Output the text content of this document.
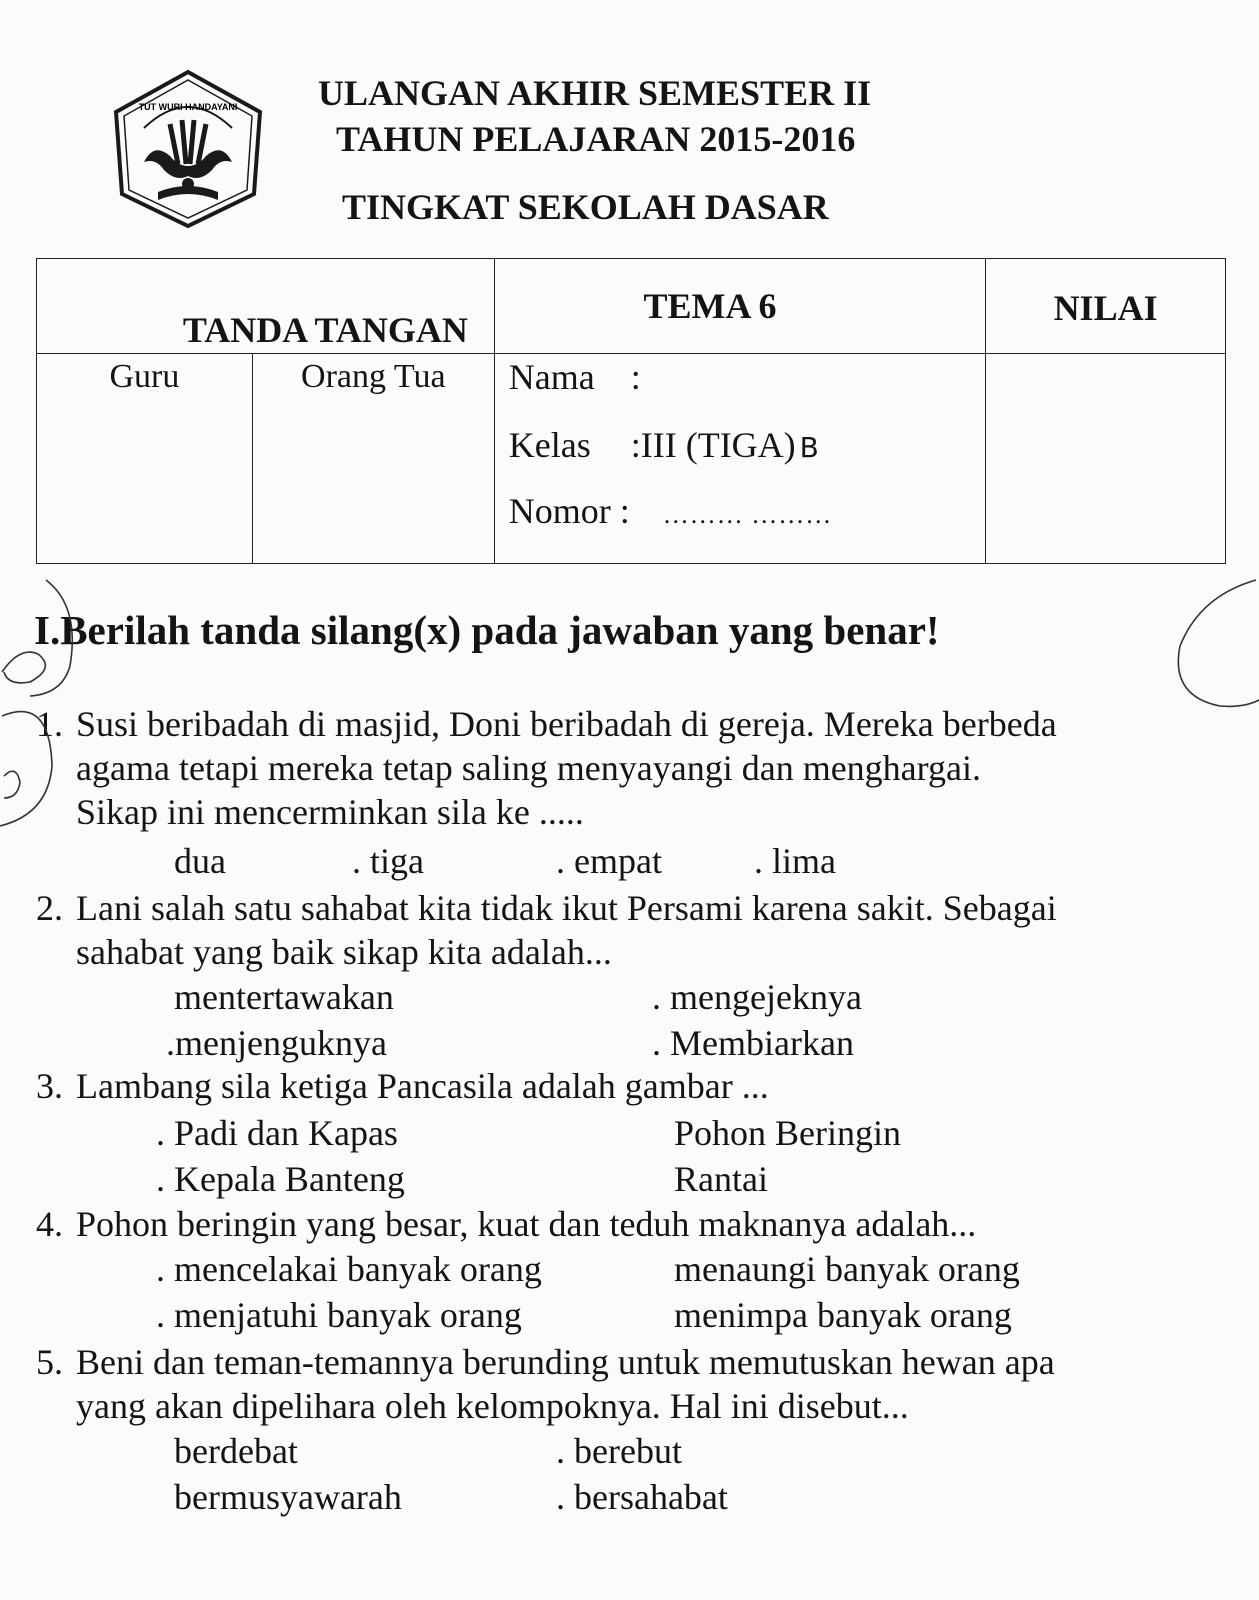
TUT WURI HANDAYANI ULANGAN AKHIR SEMESTER II
TAHUN PELAJARAN 2015-2016
TINGKAT SEKOLAH DASAR
TANDA TANGAN		TEMA 6	NILAI
Guru	Orang Tua	Nama :
Kelas :III (TIGA) B
Nomor : ……… ………	

I.Berilah tanda silang(x) pada jawaban yang benar!
1. Susi beribadah di masjid, Doni beribadah di gereja. Mereka berbeda
agama tetapi mereka tetap saling menyayangi dan menghargai.
Sikap ini mencerminkan sila ke .....
dua	. tiga	. empat	. lima
2. Lani salah satu sahabat kita tidak ikut Persami karena sakit. Sebagai
sahabat yang baik sikap kita adalah...
mentertawakan	. mengejeknya
.menjenguknya	. Membiarkan
3. Lambang sila ketiga Pancasila adalah gambar ...
. Padi dan Kapas	Pohon Beringin
. Kepala Banteng	Rantai
4. Pohon beringin yang besar, kuat dan teduh maknanya adalah...
. mencelakai banyak orang	menaungi banyak orang
. menjatuhi banyak orang	menimpa banyak orang
5. Beni dan teman-temannya berunding untuk memutuskan hewan apa
yang akan dipelihara oleh kelompoknya. Hal ini disebut...
berdebat	. berebut
bermusyawarah	. bersahabat
